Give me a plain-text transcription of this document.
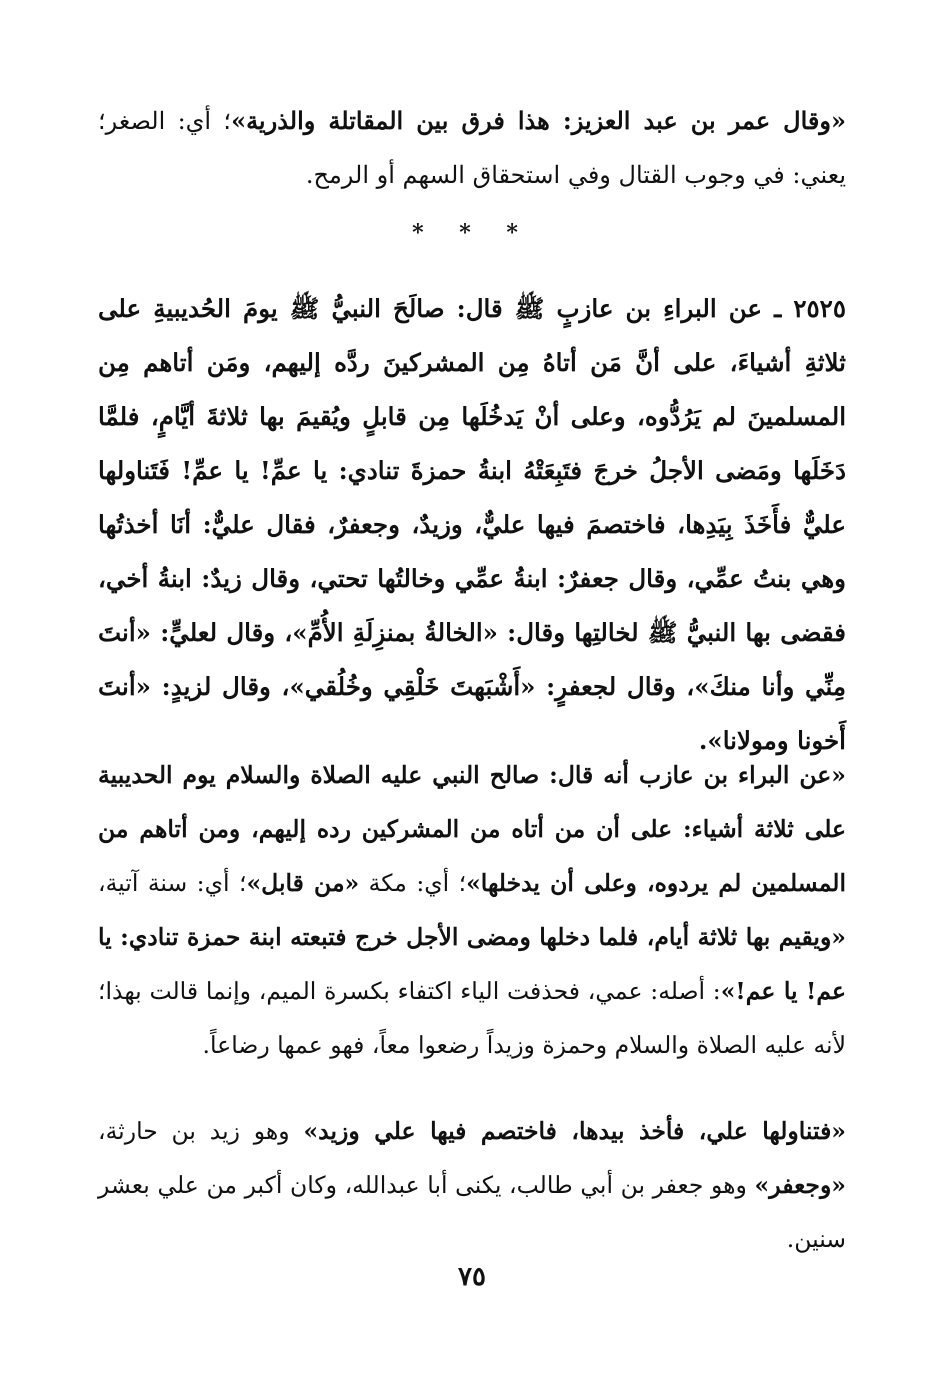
«وقال عمر بن عبد العزيز: هذا فرق بين المقاتلة والذرية»؛ أي: الصغر؛ يعني: في وجوب القتال وفي استحقاق السهم أو الرمح.

* * *

٢٥٢٥ ـ عن البراءِ بن عازبٍ ﷺ قال: صالَحَ النبيُّ ﷺ يومَ الحُديبيةِ على ثلاثةِ أشياءَ، على أنَّ مَن أتاهُ مِن المشركينَ ردَّه إليهم، ومَن أتاهم مِن المسلمينَ لم يَرُدُّوه، وعلى أنْ يَدخُلَها مِن قابلٍ ويُقيمَ بها ثلاثةَ أيَّامٍ، فلمَّا دَخَلَها ومَضى الأجلُ خرجَ فتَبِعَتْهُ ابنةُ حمزةَ تنادي: يا عمِّ! يا عمِّ! فَتَناولها عليٌّ فأَخَذَ بِيَدِها، فاختصمَ فيها عليٌّ، وزيدٌ، وجعفرٌ، فقال عليٌّ: أنَا أخذتُها وهي بنتُ عمِّي، وقال جعفرٌ: ابنةُ عمِّي وخالتُها تحتي، وقال زيدٌ: ابنةُ أخي، فقضى بها النبيُّ ﷺ لخالتِها وقال: «الخالةُ بمنزِلَةِ الأُمِّ»، وقال لعليٍّ: «أنتَ مِنِّي وأنا منكَ»، وقال لجعفرٍ: «أَشْبَهتَ خَلْقِي وخُلُقي»، وقال لزيدٍ: «أنتَ أَخونا ومولانا».

«عن البراء بن عازب أنه قال: صالح النبي عليه الصلاة والسلام يوم الحديبية على ثلاثة أشياء: على أن من أتاه من المشركين رده إليهم، ومن أتاهم من المسلمين لم يردوه، وعلى أن يدخلها»؛ أي: مكة «من قابل»؛ أي: سنة آتية، «ويقيم بها ثلاثة أيام، فلما دخلها ومضى الأجل خرج فتبعته ابنة حمزة تنادي: يا عم! يا عم!»: أصله: عمي، فحذفت الياء اكتفاء بكسرة الميم، وإنما قالت بهذا؛ لأنه عليه الصلاة والسلام وحمزة وزيداً رضعوا معاً، فهو عمها رضاعاً.

«فتناولها علي، فأخذ بيدها، فاختصم فيها علي وزيد» وهو زيد بن حارثة، «وجعفر» وهو جعفر بن أبي طالب، يكنى أبا عبدالله، وكان أكبر من علي بعشر سنين.

٧٥
